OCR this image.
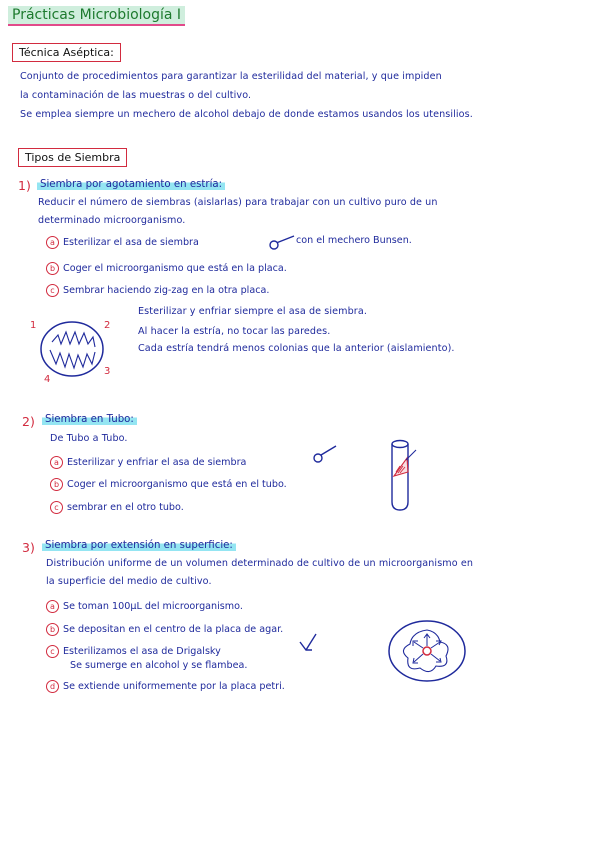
Prácticas Microbiología I
Técnica Aséptica:
Conjunto de procedimientos para garantizar la esterilidad del material, y que impiden
la contaminación de las muestras o del cultivo.
Se emplea siempre un mechero de alcohol debajo de donde estamos usandos los utensilios.
Tipos de Siembra
1) Siembra por agotamiento en estría:
Reducir el número de siembras (aislarlas) para trabajar con un cultivo puro de un
determinado microorganismo.
a Esterilizar el asa de siembra	con el mechero Bunsen.
b Coger el microorganismo que está en la placa.
c Sembrar haciendo zig-zag en la otra placa.
1	2
3
4
Esterilizar y enfriar siempre el asa de siembra.
Al hacer la estría, no tocar las paredes.
Cada estría tendrá menos colonias que la anterior (aislamiento).
2) Siembra en Tubo:
De Tubo a Tubo.
a Esterilizar y enfriar el asa de siembra
b Coger el microorganismo que está en el tubo.
c sembrar en el otro tubo.
3) Siembra por extensión en superficie:
Distribución uniforme de un volumen determinado de cultivo de un microorganismo en
la superficie del medio de cultivo.
a Se toman 100µL del microorganismo.
b Se depositan en el centro de la placa de agar.
c Esterilizamos el asa de Drigalsky
Se sumerge en alcohol y se flambea.
d Se extiende uniformemente por la placa petri.
